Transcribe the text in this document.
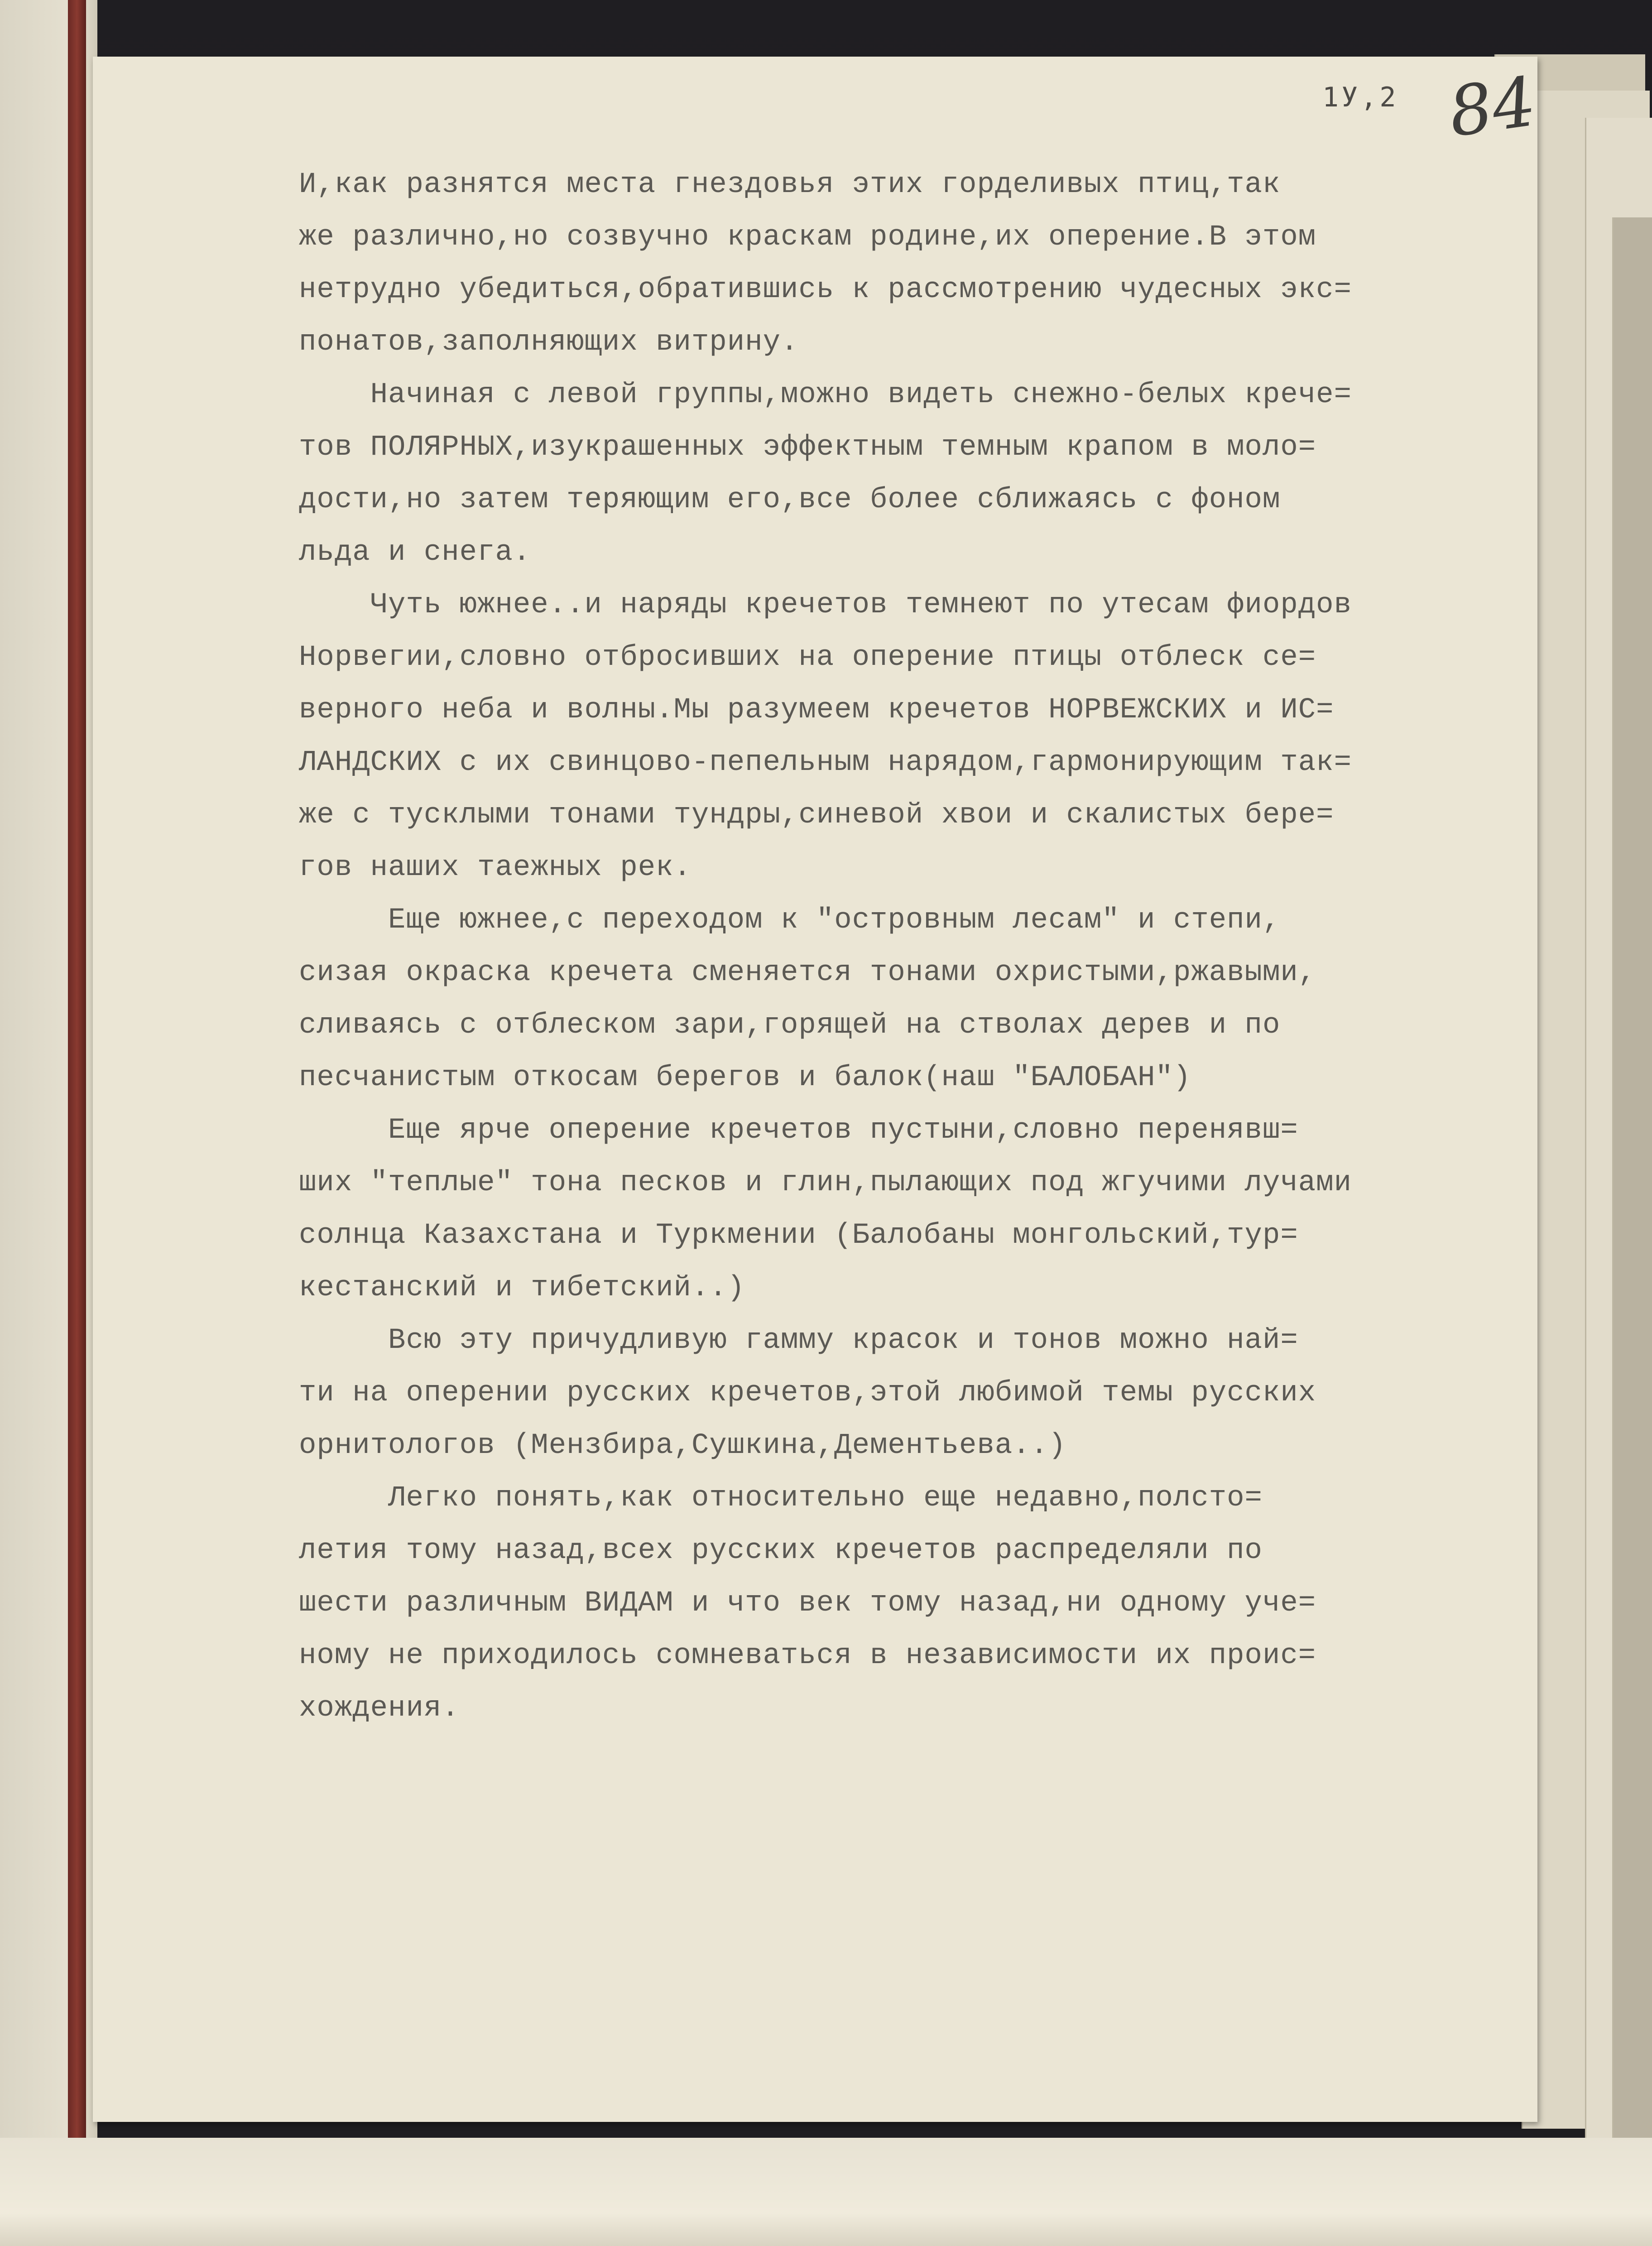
1У,2 84
И,как разнятся места гнездовья этих горделивых птиц,так
же различно,но созвучно краскам родине,их оперение.В этом
нетрудно убедиться,обратившись к рассмотрению чудесных экс=
понатов,заполняющих витрину.
Начиная с левой группы,можно видеть снежно-белых крече=
тов ПОЛЯРНЫХ,изукрашенных эффектным темным крапом в моло=
дости,но затем теряющим его,все более сближаясь с фоном
льда и снега.
Чуть южнее..и наряды кречетов темнеют по утесам фиордов
Норвегии,словно отбросивших на оперение птицы отблеск се=
верного неба и волны.Мы разумеем кречетов НОРВЕЖСКИХ и ИС=
ЛАНДСКИХ с их свинцово-пепельным нарядом,гармонирующим так=
же с тусклыми тонами тундры,синевой хвои и скалистых бере=
гов наших таежных рек.
Еще южнее,с переходом к "островным лесам" и степи,
сизая окраска кречета сменяется тонами охристыми,ржавыми,
сливаясь с отблеском зари,горящей на стволах дерев и по
песчанистым откосам берегов и балок(наш "БАЛОБАН")
Еще ярче оперение кречетов пустыни,словно перенявш=
ших "теплые" тона песков и глин,пылающих под жгучими лучами
солнца Казахстана и Туркмении (Балобаны монгольский,тур=
кестанский и тибетский..)
Всю эту причудливую гамму красок и тонов можно най=
ти на оперении русских кречетов,этой любимой темы русских
орнитологов (Мензбира,Сушкина,Дементьева..)
Легко понять,как относительно еще недавно,полсто=
летия тому назад,всех русских кречетов распределяли по
шести различным ВИДАМ и что век тому назад,ни одному уче=
ному не приходилось сомневаться в независимости их проис=
хождения.
